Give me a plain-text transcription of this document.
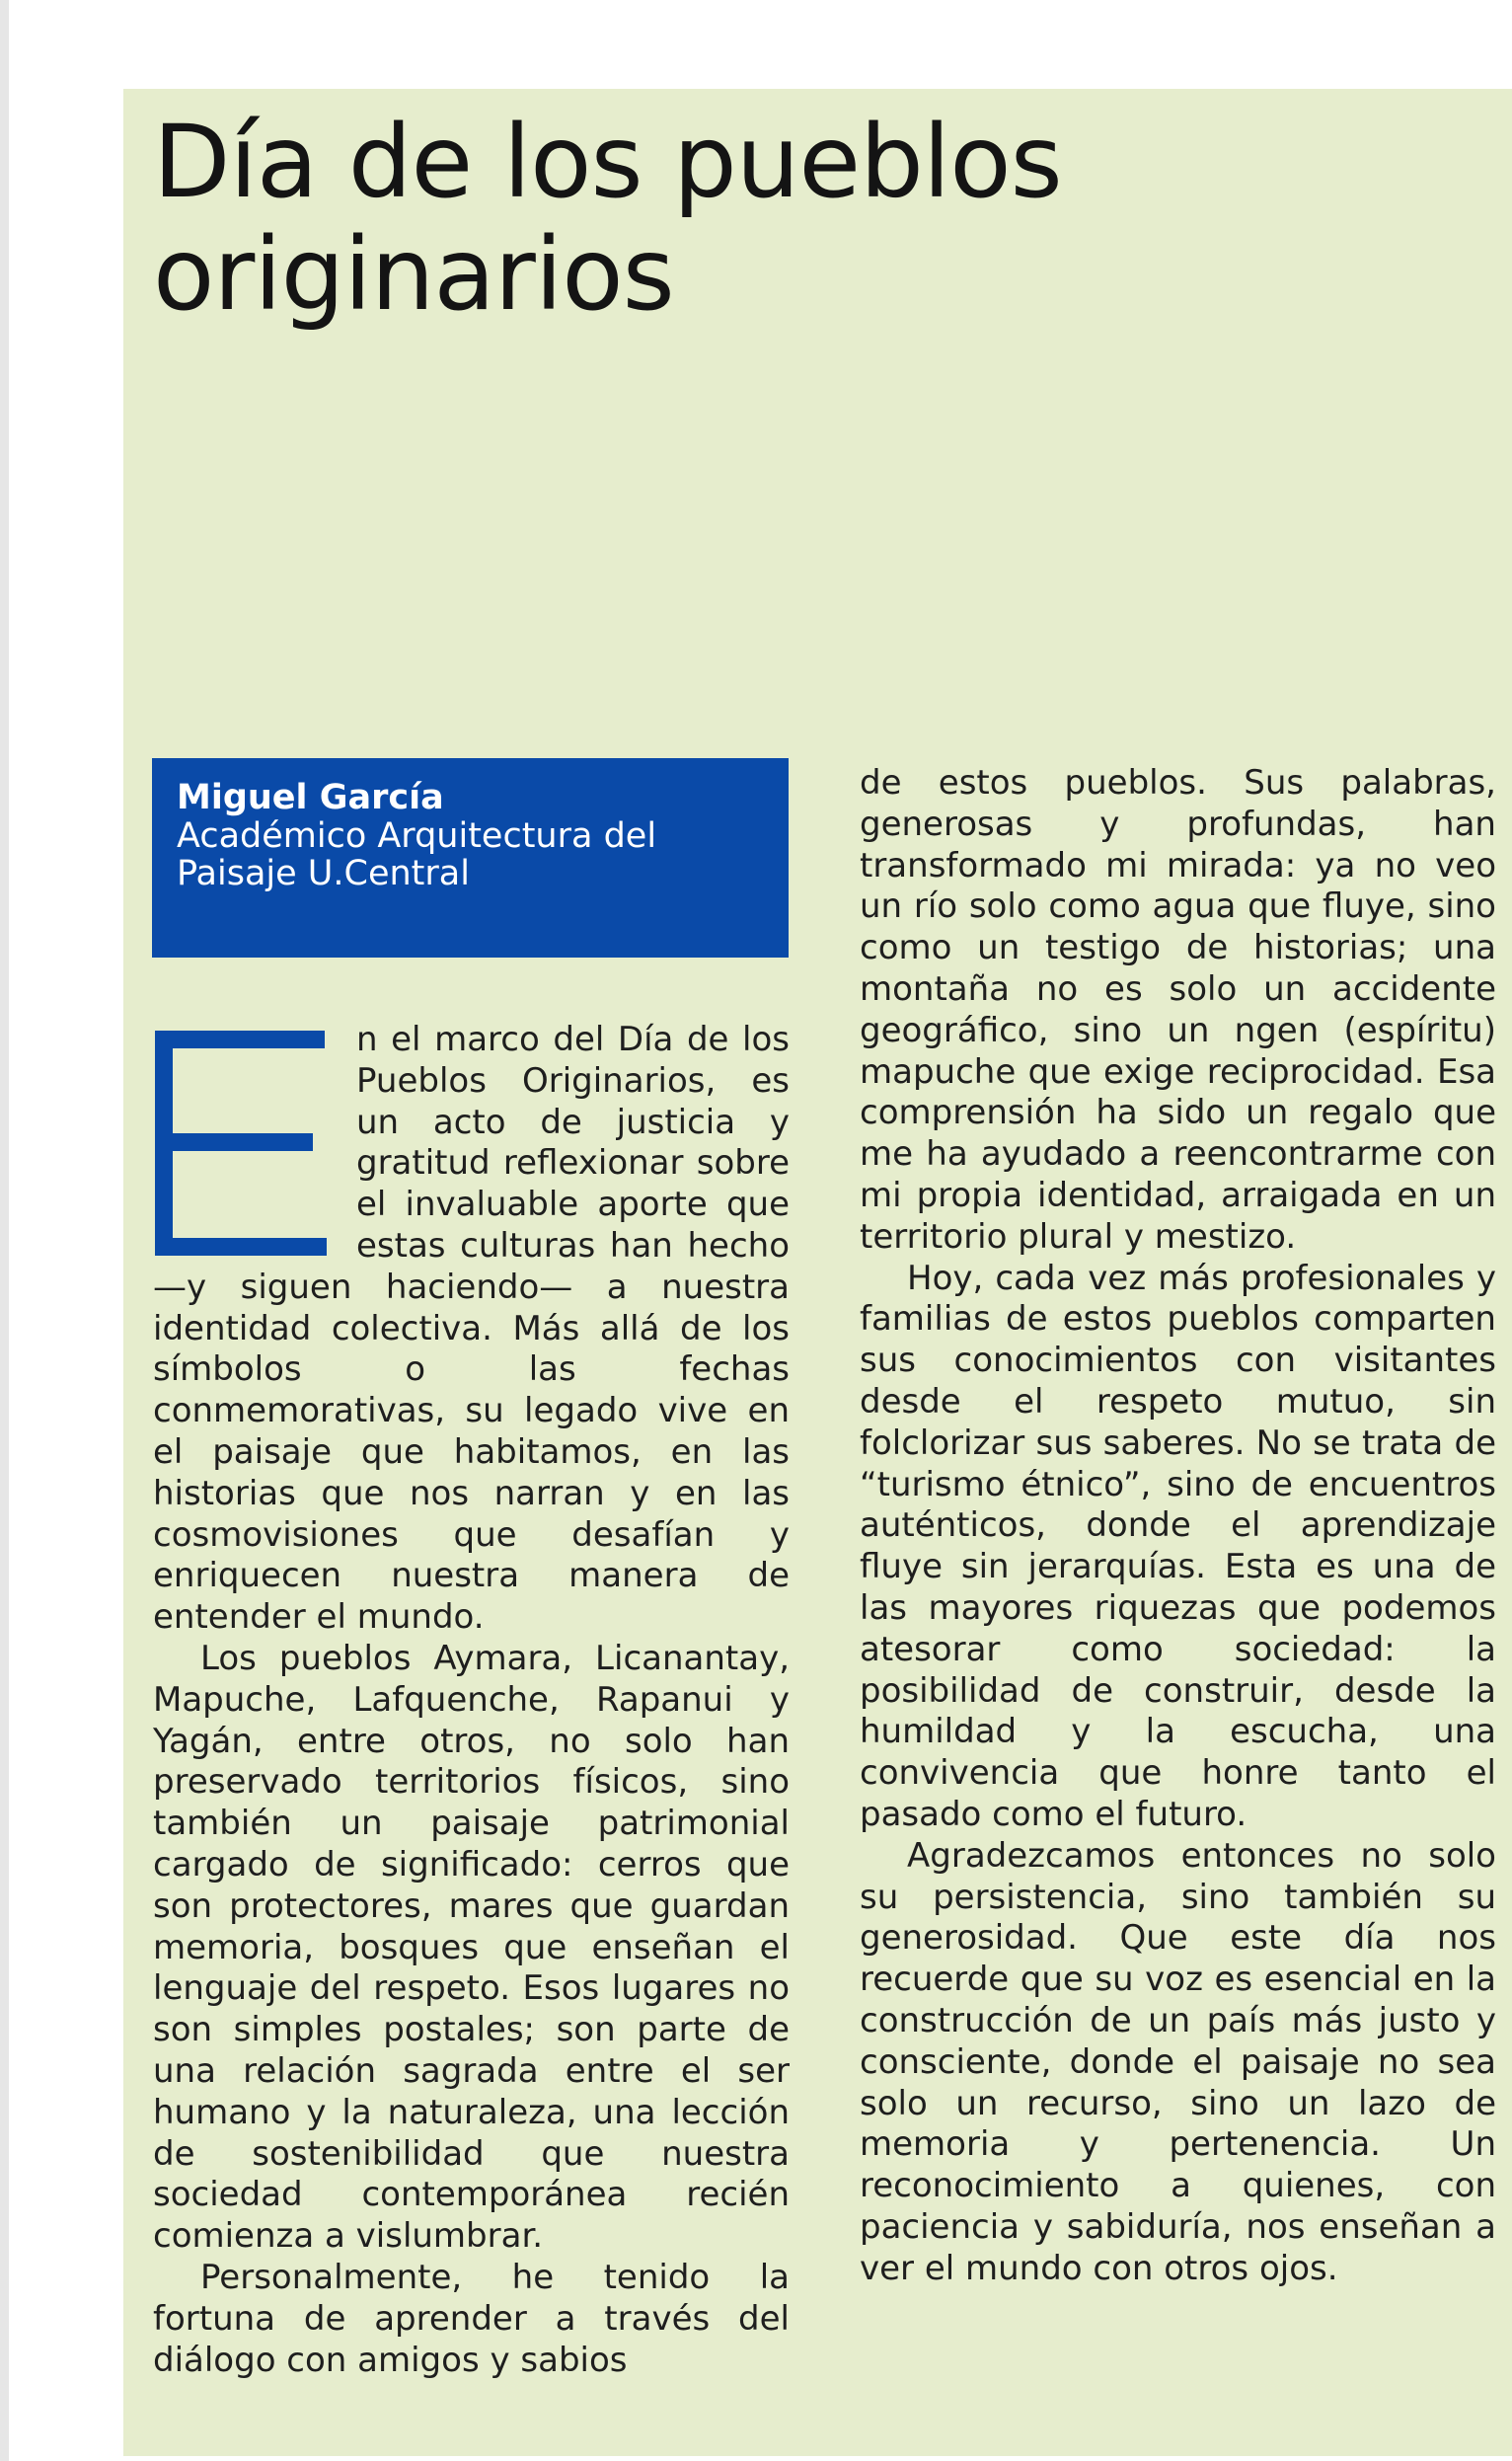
Día de los pueblos
originarios
Miguel García
Académico Arquitectura del Paisaje U.Central

n el marco del Día de los Pueblos Originarios, es un acto de justicia y gratitud reflexionar sobre el invaluable aporte que estas culturas han hecho —y siguen haciendo— a nuestra identidad colectiva. Más allá de los símbolos o las fechas conmemorativas, su legado vive en el paisaje que habitamos, en las historias que nos narran y en las cosmovisiones que desafían y enriquecen nuestra manera de entender el mundo.

Los pueblos Aymara, Licanantay, Mapuche, Lafquenche, Rapanui y Yagán, entre otros, no solo han preservado territorios físicos, sino también un paisaje patrimonial cargado de significado: cerros que son protectores, mares que guardan memoria, bosques que enseñan el lenguaje del respeto. Esos lugares no son simples postales; son parte de una relación sagrada entre el ser humano y la naturaleza, una lección de sostenibilidad que nuestra sociedad contemporánea recién comienza a vislumbrar.

Personalmente, he tenido la fortuna de aprender a través del diálogo con amigos y sabios

de estos pueblos. Sus palabras, generosas y profundas, han transformado mi mirada: ya no veo un río solo como agua que fluye, sino como un testigo de historias; una montaña no es solo un accidente geográfico, sino un ngen (espíritu) mapuche que exige reciprocidad. Esa comprensión ha sido un regalo que me ha ayudado a reencontrarme con mi propia identidad, arraigada en un territorio plural y mestizo.

Hoy, cada vez más profesionales y familias de estos pueblos comparten sus conocimientos con visitantes desde el respeto mutuo, sin folclorizar sus saberes. No se trata de “turismo étnico”, sino de encuentros auténticos, donde el aprendizaje fluye sin jerarquías. Esta es una de las mayores riquezas que podemos atesorar como sociedad: la posibilidad de construir, desde la humildad y la escucha, una convivencia que honre tanto el pasado como el futuro.

Agradezcamos entonces no solo su persistencia, sino también su generosidad. Que este día nos recuerde que su voz es esencial en la construcción de un país más justo y consciente, donde el paisaje no sea solo un recurso, sino un lazo de memoria y pertenencia. Un reconocimiento a quienes, con paciencia y sabiduría, nos enseñan a ver el mundo con otros ojos.
